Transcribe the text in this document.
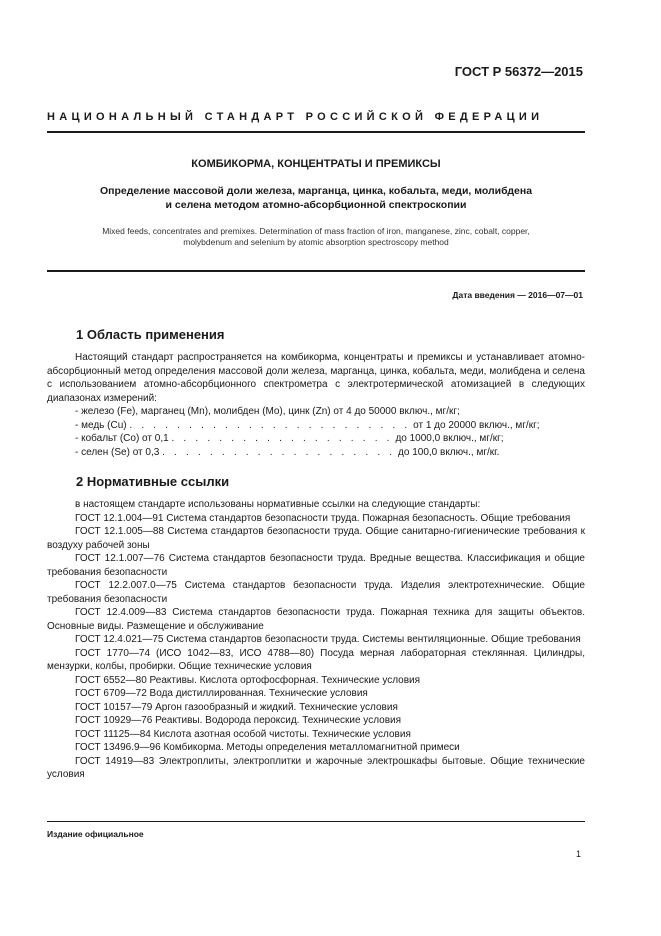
ГОСТ Р 56372—2015
НАЦИОНАЛЬНЫЙ СТАНДАРТ РОССИЙСКОЙ ФЕДЕРАЦИИ
КОМБИКОРМА, КОНЦЕНТРАТЫ И ПРЕМИКСЫ
Определение массовой доли железа, марганца, цинка, кобальта, меди, молибдена
и селена методом атомно-абсорбционной спектроскопии
Mixed feeds, concentrates and premixes. Determination of mass fraction of iron, manganese, zinc, cobalt, copper,
molybdenum and selenium by atomic absorption spectroscopy method
Дата введения — 2016—07—01
1 Область применения

Настоящий стандарт распространяется на комбикорма, концентраты и премиксы и устанавливает атомно-абсорбционный метод определения массовой доли железа, марганца, цинка, кобальта, меди, молибдена и селена с использованием атомно-абсорбционного спектрометра с электротермической атомизацией в следующих диапазонах измерений:

- железо (Fe), марганец (Mn), молибден (Mo), цинк (Zn) от 4 до 50000 включ., мг/кг;
- медь (Cu) . . . . . . . . . . . . . . . . . . . . . . . . от 1 до 20000 включ., мг/кг;
- кобальт (Co) от 0,1 . . . . . . . . . . . . . . . . . . . до 1000,0 включ., мг/кг;
- селен (Se) от 0,3 . . . . . . . . . . . . . . . . . . . . до 100,0 включ., мг/кг.
2 Нормативные ссылки

в настоящем стандарте использованы нормативные ссылки на следующие стандарты:

ГОСТ 12.1.004—91 Система стандартов безопасности труда. Пожарная безопасность. Общие требования

ГОСТ 12.1.005—88 Система стандартов безопасности труда. Общие санитарно-гигиенические требования к воздуху рабочей зоны

ГОСТ 12.1.007—76 Система стандартов безопасности труда. Вредные вещества. Классификация и общие требования безопасности

ГОСТ 12.2.007.0—75 Система стандартов безопасности труда. Изделия электротехнические. Общие требования безопасности

ГОСТ 12.4.009—83 Система стандартов безопасности труда. Пожарная техника для защиты объектов. Основные виды. Размещение и обслуживание

ГОСТ 12.4.021—75 Система стандартов безопасности труда. Системы вентиляционные. Общие требования

ГОСТ 1770—74 (ИСО 1042—83, ИСО 4788—80) Посуда мерная лабораторная стеклянная. Цилиндры, мензурки, колбы, пробирки. Общие технические условия

ГОСТ 6552—80 Реактивы. Кислота ортофосфорная. Технические условия

ГОСТ 6709—72 Вода дистиллированная. Технические условия

ГОСТ 10157—79 Аргон газообразный и жидкий. Технические условия

ГОСТ 10929—76 Реактивы. Водорода пероксид. Технические условия

ГОСТ 11125—84 Кислота азотная особой чистоты. Технические условия

ГОСТ 13496.9—96 Комбикорма. Методы определения металломагнитной примеси

ГОСТ 14919—83 Электроплиты, электроплитки и жарочные электрошкафы бытовые. Общие технические условия

Издание официальное
1
